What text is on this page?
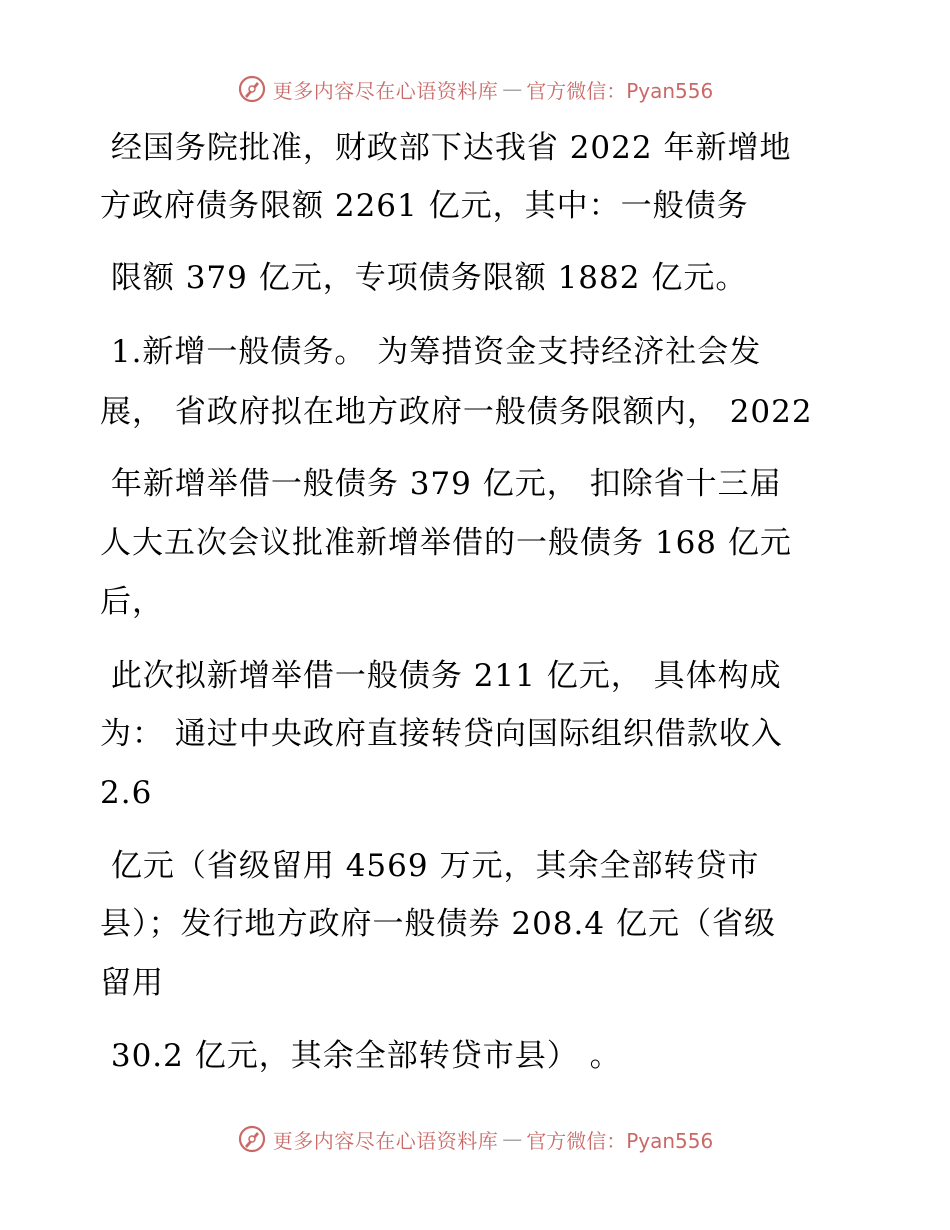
更多内容尽在心语资料库 — 官方微信：Pyan556
经国务院批准，财政部下达我省 2022 年新增地
方政府债务限额 2261 亿元，其中：一般债务
限额 379 亿元，专项债务限额 1882 亿元。
1.新增一般债务。 为筹措资金支持经济社会发
展， 省政府拟在地方政府一般债务限额内， 2022
年新增举借一般债务 379 亿元， 扣除省十三届
人大五次会议批准新增举借的一般债务 168 亿元
后，
此次拟新增举借一般债务 211 亿元， 具体构成
为： 通过中央政府直接转贷向国际组织借款收入
2.6
亿元（省级留用 4569 万元，其余全部转贷市
县）；发行地方政府一般债券 208.4 亿元（省级
留用
30.2 亿元，其余全部转贷市县） 。
更多内容尽在心语资料库 — 官方微信：Pyan556
